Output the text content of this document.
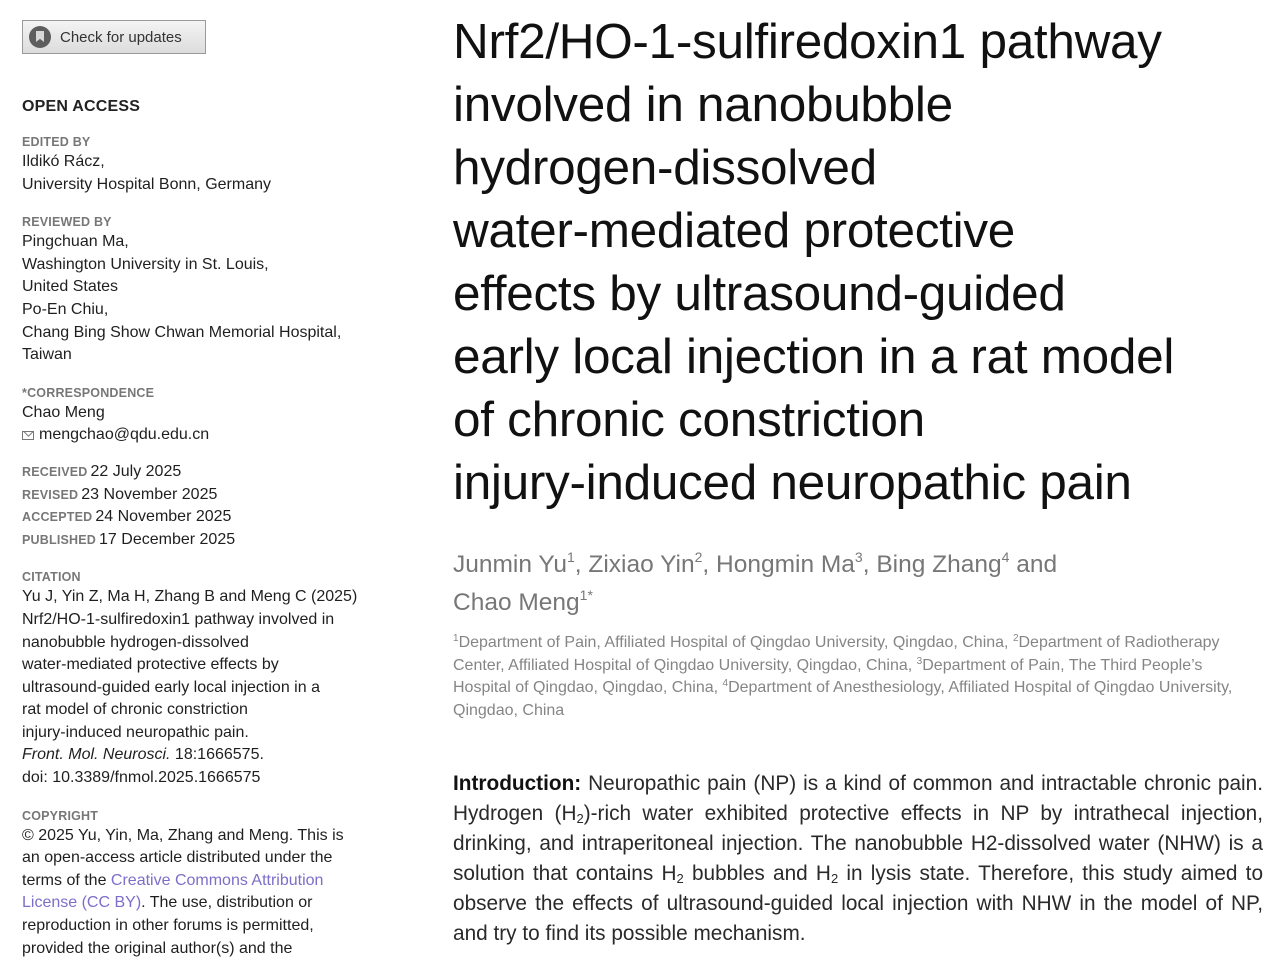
Check for updates
OPEN ACCESS
EDITED BY
Ildikó Rácz,
University Hospital Bonn, Germany
REVIEWED BY
Pingchuan Ma,
Washington University in St. Louis,
United States
Po-En Chiu,
Chang Bing Show Chwan Memorial Hospital,
Taiwan
*CORRESPONDENCE
Chao Meng
mengchao@qdu.edu.cn
RECEIVED 22 July 2025
REVISED 23 November 2025
ACCEPTED 24 November 2025
PUBLISHED 17 December 2025
CITATION
Yu J, Yin Z, Ma H, Zhang B and Meng C (2025)
Nrf2/HO-1-sulfiredoxin1 pathway involved in
nanobubble hydrogen-dissolved
water-mediated protective effects by
ultrasound-guided early local injection in a
rat model of chronic constriction
injury-induced neuropathic pain.
Front. Mol. Neurosci. 18:1666575.
doi: 10.3389/fnmol.2025.1666575
COPYRIGHT
© 2025 Yu, Yin, Ma, Zhang and Meng. This is
an open-access article distributed under the
terms of the Creative Commons Attribution
License (CC BY). The use, distribution or
reproduction in other forums is permitted,
provided the original author(s) and the
Nrf2/HO-1-sulfiredoxin1 pathway
involved in nanobubble
hydrogen-dissolved
water-mediated protective
effects by ultrasound-guided
early local injection in a rat model
of chronic constriction
injury-induced neuropathic pain
Junmin Yu$^1$, Zixiao Yin$^2$, Hongmin Ma$^3$, Bing Zhang$^4$ and
Chao Meng$^{1*}$
$^1$Department of Pain, Affiliated Hospital of Qingdao University, Qingdao, China, $^2$Department of Radiotherapy Center, Affiliated Hospital of Qingdao University, Qingdao, China, $^3$Department of Pain, The Third People’s Hospital of Qingdao, Qingdao, China, $^4$Department of Anesthesiology, Affiliated Hospital of Qingdao University, Qingdao, China
Introduction: Neuropathic pain (NP) is a kind of common and intractable chronic pain. Hydrogen $(H_2)$-rich water exhibited protective effects in NP by intrathecal injection, drinking, and intraperitoneal injection. The nanobubble H2-dissolved water (NHW) is a solution that contains $H_2$ bubbles and $H_2$ in lysis state. Therefore, this study aimed to observe the effects of ultrasound-guided local injection with NHW in the model of NP, and try to find its possible mechanism.
